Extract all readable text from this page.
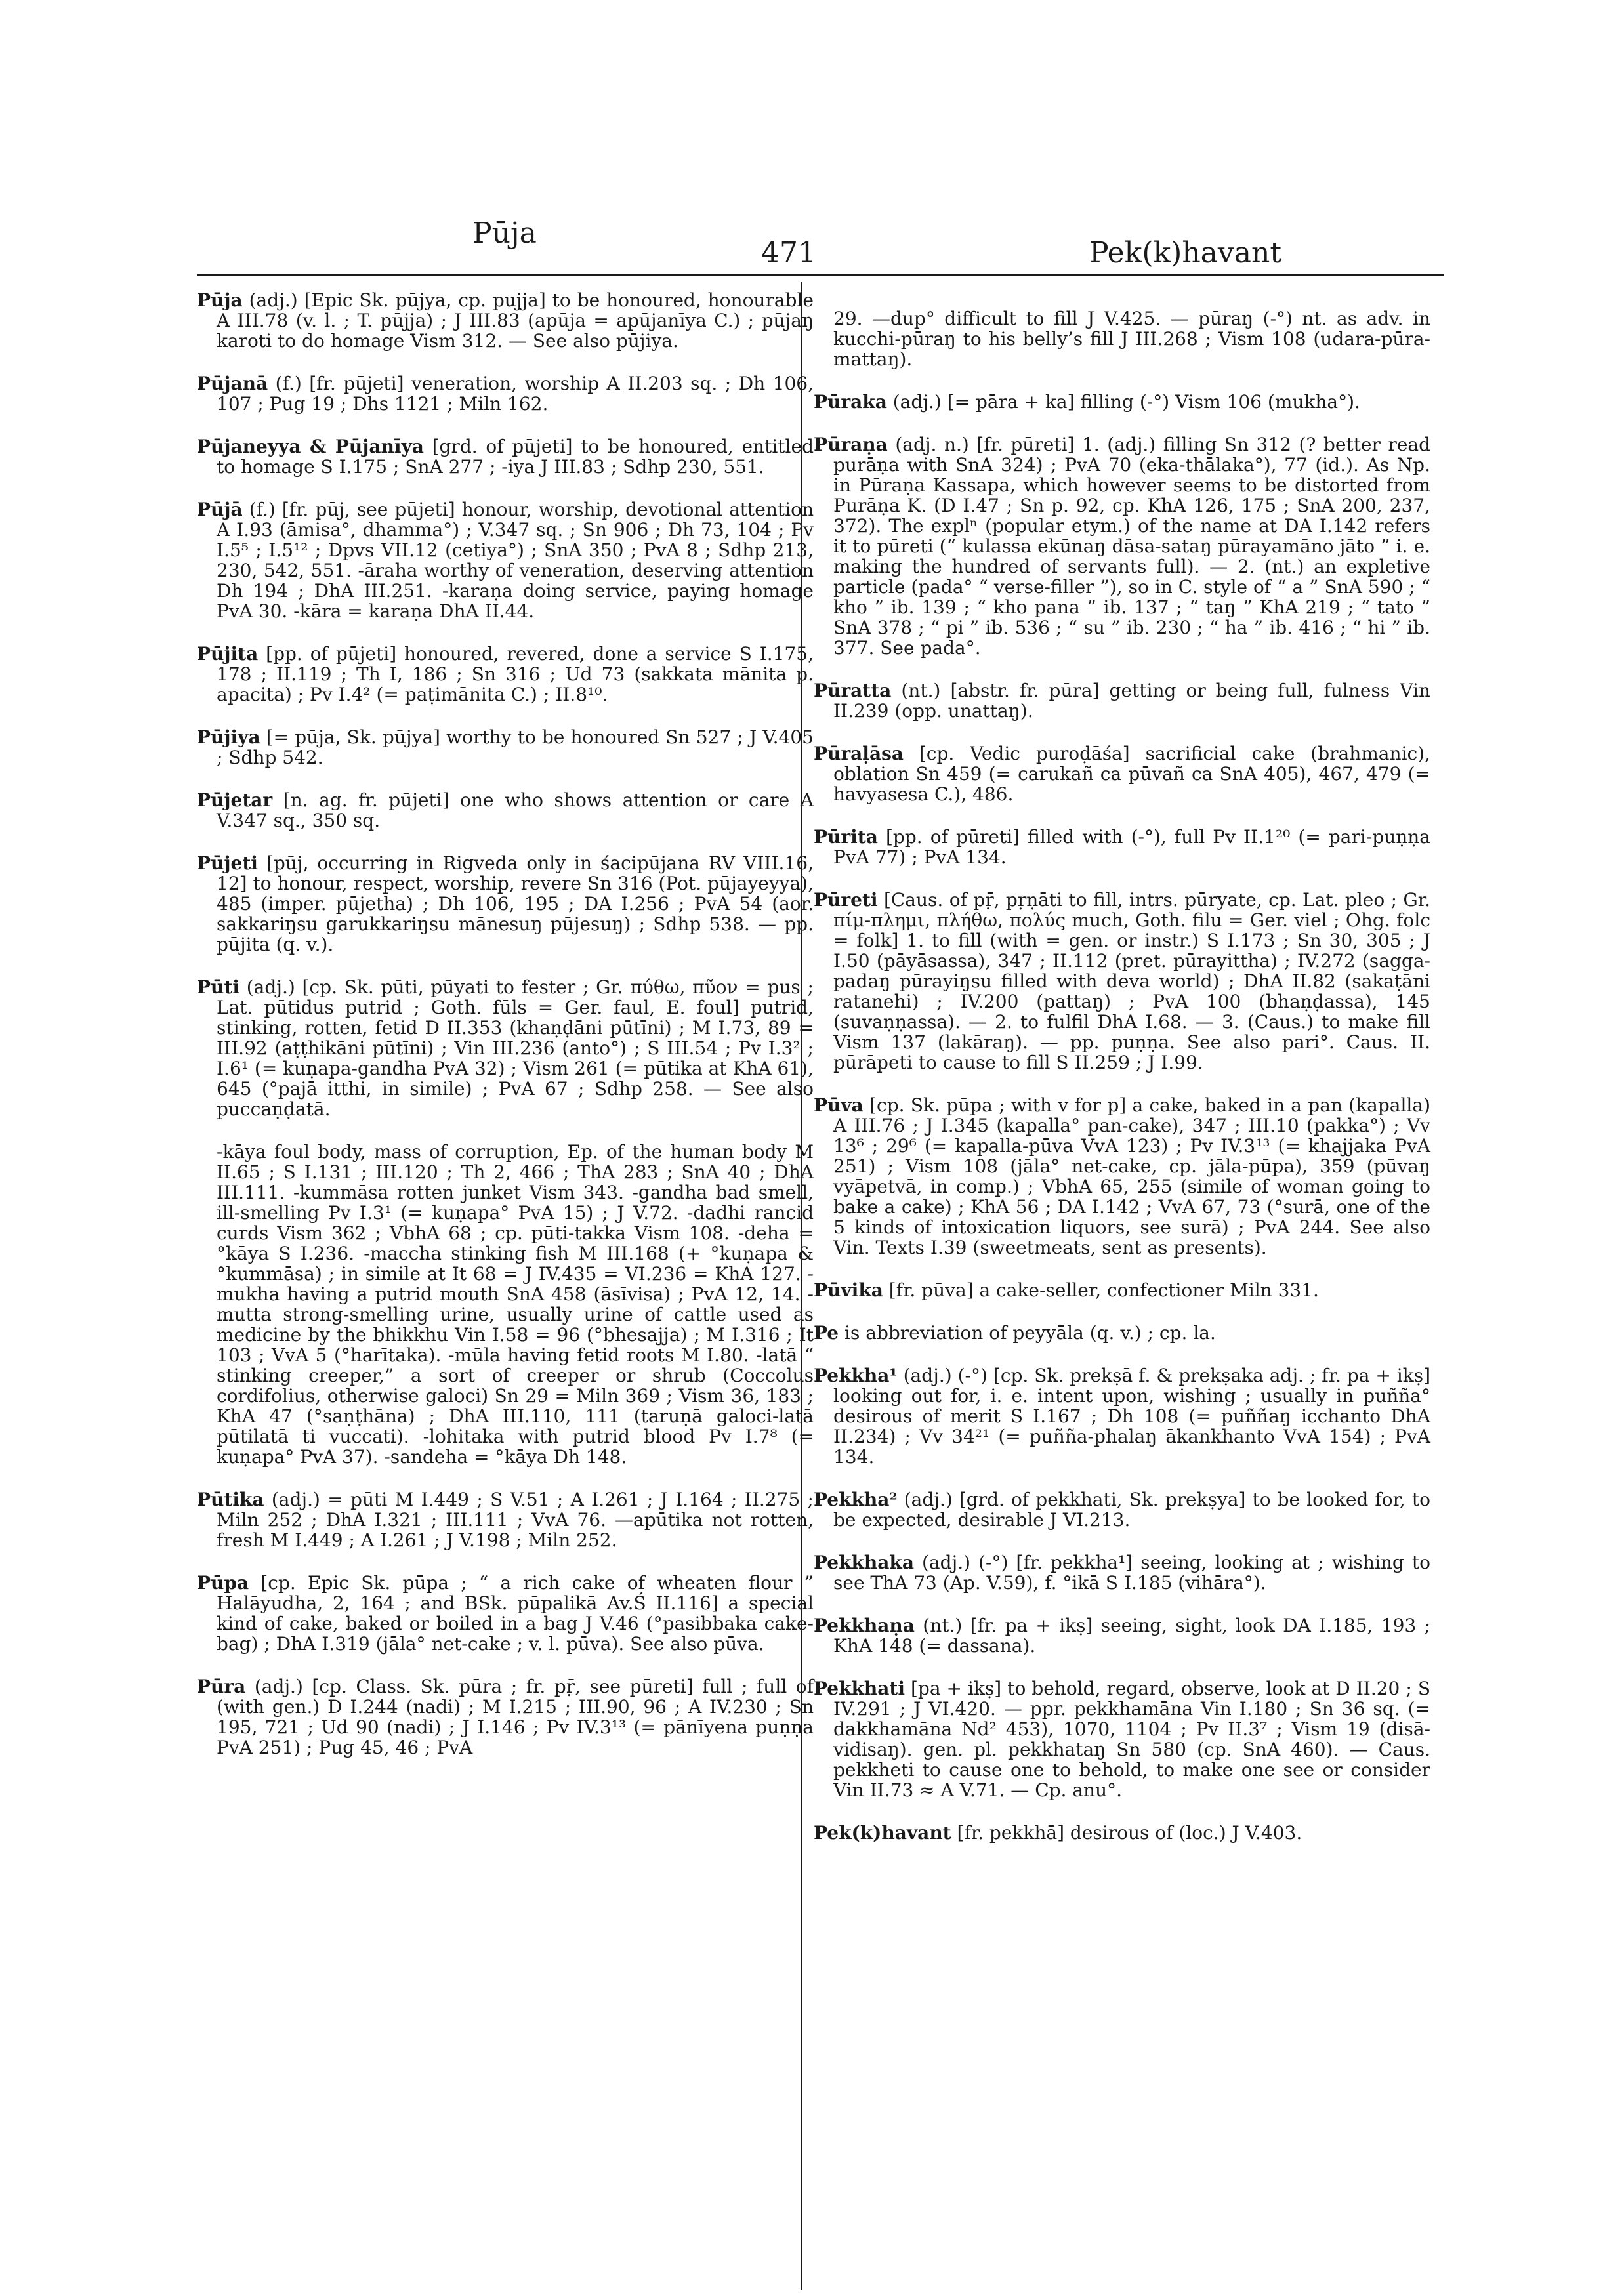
Pūja
471	Pek(k)havant

Pūja (adj.) [Epic Sk. pūjya, cp. pujja] to be honoured, honourable A III.78 (v. l. ; T. pūjja) ; J III.83 (apūja = apūjanīya C.) ; pūjaŋ karoti to do homage Vism 312. — See also pūjiya.

Pūjanā (f.) [fr. pūjeti] veneration, worship A II.203 sq. ; Dh 106, 107 ; Pug 19 ; Dhs 1121 ; Miln 162.

Pūjaneyya & Pūjanīya [grd. of pūjeti] to be honoured, entitled to homage S I.175 ; SnA 277 ; -iya J III.83 ; Sdhp 230, 551.

Pūjā (f.) [fr. pūj, see pūjeti] honour, worship, devotional attention A I.93 (āmisa°, dhamma°) ; V.347 sq. ; Sn 906 ; Dh 73, 104 ; Pv I.5⁵ ; I.5¹² ; Dpvs VII.12 (cetiya°) ; SnA 350 ; PvA 8 ; Sdhp 213, 230, 542, 551. -āraha worthy of veneration, deserving attention Dh 194 ; DhA III.251. -karaṇa doing service, paying homage PvA 30. -kāra = karaṇa DhA II.44.

Pūjita [pp. of pūjeti] honoured, revered, done a service S I.175, 178 ; II.119 ; Th I, 186 ; Sn 316 ; Ud 73 (sakkata mānita p. apacita) ; Pv I.4² (= paṭimānita C.) ; II.8¹⁰.

Pūjiya [= pūja, Sk. pūjya] worthy to be honoured Sn 527 ; J V.405 ; Sdhp 542.

Pūjetar [n. ag. fr. pūjeti] one who shows attention or care A V.347 sq., 350 sq.

Pūjeti [pūj, occurring in Rigveda only in śacipūjana RV VIII.16, 12] to honour, respect, worship, revere Sn 316 (Pot. pūjayeyya), 485 (imper. pūjetha) ; Dh 106, 195 ; DA I.256 ; PvA 54 (aor. sakkariŋsu garukkariŋsu mānesuŋ pūjesuŋ) ; Sdhp 538. — pp. pūjita (q. v.).

Pūti (adj.) [cp. Sk. pūti, pūyati to fester ; Gr. πύθω, πῦον = pus ; Lat. pūtidus putrid ; Goth. fūls = Ger. faul, E. foul] putrid, stinking, rotten, fetid D II.353 (khaṇḍāni pūtīni) ; M I.73, 89 = III.92 (aṭṭhikāni pūtīni) ; Vin III.236 (anto°) ; S III.54 ; Pv I.3² ; I.6¹ (= kuṇapa-gandha PvA 32) ; Vism 261 (= pūtika at KhA 61), 645 (°pajā itthi, in simile) ; PvA 67 ; Sdhp 258. — See also puccaṇḍatā.

-kāya foul body, mass of corruption, Ep. of the human body M II.65 ; S I.131 ; III.120 ; Th 2, 466 ; ThA 283 ; SnA 40 ; DhA III.111. -kummāsa rotten junket Vism 343. -gandha bad smell, ill-smelling Pv I.3¹ (= kuṇapa° PvA 15) ; J V.72. -dadhi rancid curds Vism 362 ; VbhA 68 ; cp. pūti-takka Vism 108. -deha = °kāya S I.236. -maccha stinking fish M III.168 (+ °kuṇapa & °kummāsa) ; in simile at It 68 = J IV.435 = VI.236 = KhA 127. -mukha having a putrid mouth SnA 458 (āsīvisa) ; PvA 12, 14. -mutta strong-smelling urine, usually urine of cattle used as medicine by the bhikkhu Vin I.58 = 96 (°bhesajja) ; M I.316 ; It 103 ; VvA 5 (°harītaka). -mūla having fetid roots M I.80. -latā “ stinking creeper,” a sort of creeper or shrub (Coccolus cordifolius, otherwise galoci) Sn 29 = Miln 369 ; Vism 36, 183 ; KhA 47 (°saṇṭhāna) ; DhA III.110, 111 (taruṇā galoci-latā pūtilatā ti vuccati). -lohitaka with putrid blood Pv I.7⁸ (= kuṇapa° PvA 37). -sandeha = °kāya Dh 148.

Pūtika (adj.) = pūti M I.449 ; S V.51 ; A I.261 ; J I.164 ; II.275 ; Miln 252 ; DhA I.321 ; III.111 ; VvA 76. —apūtika not rotten, fresh M I.449 ; A I.261 ; J V.198 ; Miln 252.

Pūpa [cp. Epic Sk. pūpa ; “ a rich cake of wheaten flour ” Halāyudha, 2, 164 ; and BSk. pūpalikā Av.Ś II.116] a special kind of cake, baked or boiled in a bag J V.46 (°pasibbaka cake-bag) ; DhA I.319 (jāla° net-cake ; v. l. pūva). See also pūva.

Pūra (adj.) [cp. Class. Sk. pūra ; fr. pṝ, see pūreti] full ; full of (with gen.) D I.244 (nadi) ; M I.215 ; III.90, 96 ; A IV.230 ; Sn 195, 721 ; Ud 90 (nadi) ; J I.146 ; Pv IV.3¹³ (= pānīyena puṇṇa PvA 251) ; Pug 45, 46 ; PvA

29. —dup° difficult to fill J V.425. — pūraŋ (-°) nt. as adv. in kucchi-pūraŋ to his belly’s fill J III.268 ; Vism 108 (udara-pūra-mattaŋ).

Pūraka (adj.) [= pāra + ka] filling (-°) Vism 106 (mukha°).

Pūraṇa (adj. n.) [fr. pūreti] 1. (adj.) filling Sn 312 (? better read purāṇa with SnA 324) ; PvA 70 (eka-thālaka°), 77 (id.). As Np. in Pūraṇa Kassapa, which however seems to be distorted from Purāṇa K. (D I.47 ; Sn p. 92, cp. KhA 126, 175 ; SnA 200, 237, 372). The explⁿ (popular etym.) of the name at DA I.142 refers it to pūreti (“ kulassa ekūnaŋ dāsa-sataŋ pūrayamāno jāto ” i. e. making the hundred of servants full). — 2. (nt.) an expletive particle (pada° “ verse-filler ”), so in C. style of “ a ” SnA 590 ; “ kho ” ib. 139 ; “ kho pana ” ib. 137 ; “ taŋ ” KhA 219 ; “ tato ” SnA 378 ; “ pi ” ib. 536 ; “ su ” ib. 230 ; “ ha ” ib. 416 ; “ hi ” ib. 377. See pada°.

Pūratta (nt.) [abstr. fr. pūra] getting or being full, fulness Vin II.239 (opp. unattaŋ).

Pūraḷāsa [cp. Vedic puroḍāśa] sacrificial cake (brahmanic), oblation Sn 459 (= carukañ ca pūvañ ca SnA 405), 467, 479 (= havyasesa C.), 486.

Pūrita [pp. of pūreti] filled with (-°), full Pv II.1²⁰ (= pari-puṇṇa PvA 77) ; PvA 134.

Pūreti [Caus. of pṝ, pṛṇāti to fill, intrs. pūryate, cp. Lat. pleo ; Gr. πίμ-πλημι, πλήθω, πολύς much, Goth. filu = Ger. viel ; Ohg. folc = folk] 1. to fill (with = gen. or instr.) S I.173 ; Sn 30, 305 ; J I.50 (pāyāsassa), 347 ; II.112 (pret. pūrayittha) ; IV.272 (sagga-padaŋ pūrayiŋsu filled with deva world) ; DhA II.82 (sakaṭāni ratanehi) ; IV.200 (pattaŋ) ; PvA 100 (bhaṇḍassa), 145 (suvaṇṇassa). — 2. to fulfil DhA I.68. — 3. (Caus.) to make fill Vism 137 (lakāraŋ). — pp. puṇṇa. See also pari°. Caus. II. pūrāpeti to cause to fill S II.259 ; J I.99.

Pūva [cp. Sk. pūpa ; with v for p] a cake, baked in a pan (kapalla) A III.76 ; J I.345 (kapalla° pan-cake), 347 ; III.10 (pakka°) ; Vv 13⁶ ; 29⁶ (= kapalla-pūva VvA 123) ; Pv IV.3¹³ (= khajjaka PvA 251) ; Vism 108 (jāla° net-cake, cp. jāla-pūpa), 359 (pūvaŋ vyāpetvā, in comp.) ; VbhA 65, 255 (simile of woman going to bake a cake) ; KhA 56 ; DA I.142 ; VvA 67, 73 (°surā, one of the 5 kinds of intoxication liquors, see surā) ; PvA 244. See also Vin. Texts I.39 (sweetmeats, sent as presents).

Pūvika [fr. pūva] a cake-seller, confectioner Miln 331.

Pe is abbreviation of peyyāla (q. v.) ; cp. la.

Pekkha¹ (adj.) (-°) [cp. Sk. prekṣā f. & prekṣaka adj. ; fr. pa + ikṣ] looking out for, i. e. intent upon, wishing ; usually in puñña° desirous of merit S I.167 ; Dh 108 (= puññaŋ icchanto DhA II.234) ; Vv 34²¹ (= puñña-phalaŋ ākankhanto VvA 154) ; PvA 134.

Pekkha² (adj.) [grd. of pekkhati, Sk. prekṣya] to be looked for, to be expected, desirable J VI.213.

Pekkhaka (adj.) (-°) [fr. pekkha¹] seeing, looking at ; wishing to see ThA 73 (Ap. V.59), f. °ikā S I.185 (vihāra°).

Pekkhaṇa (nt.) [fr. pa + ikṣ] seeing, sight, look DA I.185, 193 ; KhA 148 (= dassana).

Pekkhati [pa + ikṣ] to behold, regard, observe, look at D II.20 ; S IV.291 ; J VI.420. — ppr. pekkhamāna Vin I.180 ; Sn 36 sq. (= dakkhamāna Nd² 453), 1070, 1104 ; Pv II.3⁷ ; Vism 19 (disā-vidisaŋ). gen. pl. pekkhataŋ Sn 580 (cp. SnA 460). — Caus. pekkheti to cause one to behold, to make one see or consider Vin II.73 ≈ A V.71. — Cp. anu°.

Pek(k)havant [fr. pekkhā] desirous of (loc.) J V.403.
